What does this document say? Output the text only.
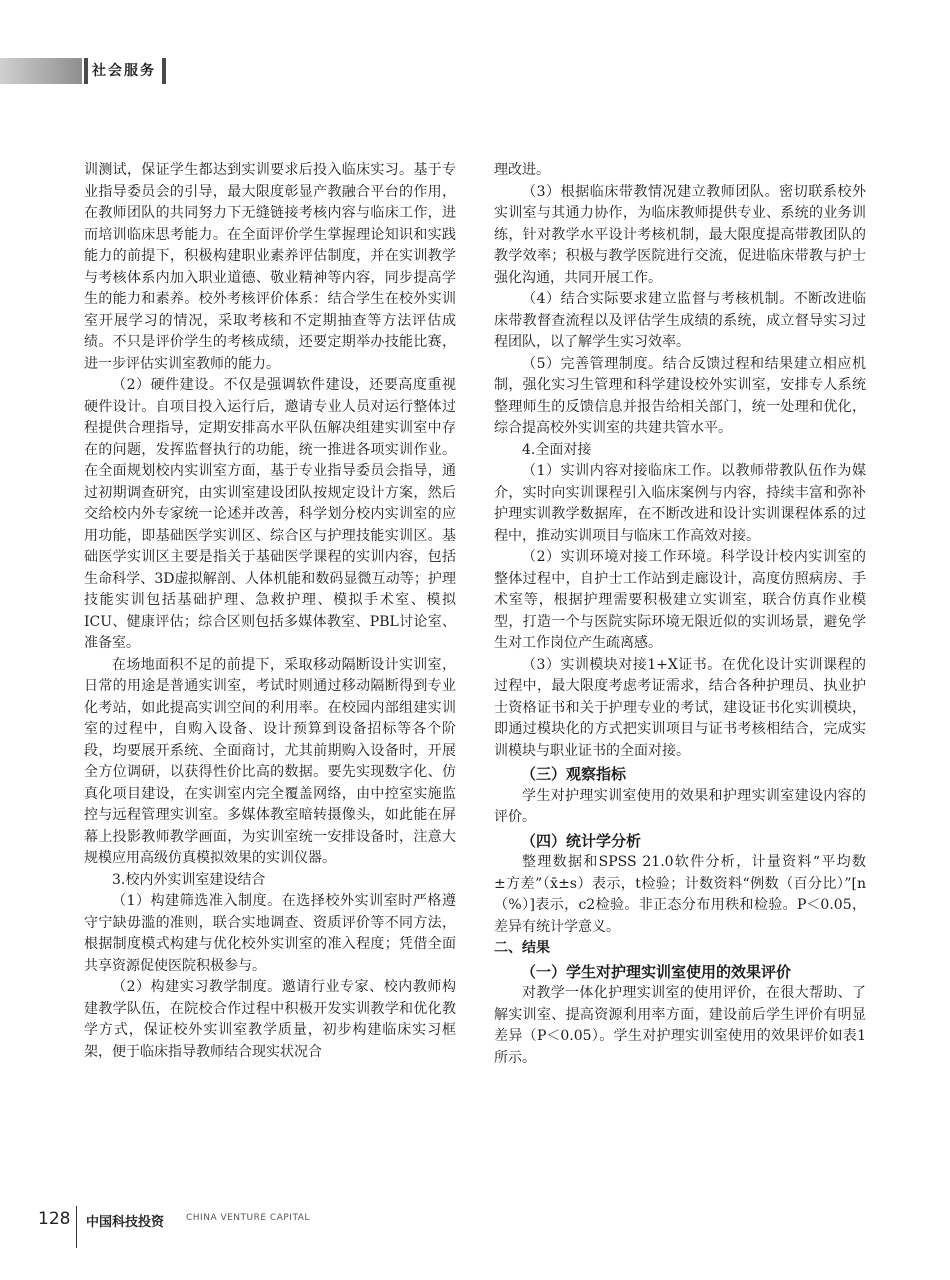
社会服务

训测试，保证学生都达到实训要求后投入临床实习。基于专业指导委员会的引导，最大限度彰显产教融合平台的作用，在教师团队的共同努力下无缝链接考核内容与临床工作，进而培训临床思考能力。在全面评价学生掌握理论知识和实践能力的前提下，积极构建职业素养评估制度，并在实训教学与考核体系内加入职业道德、敬业精神等内容，同步提高学生的能力和素养。校外考核评价体系：结合学生在校外实训室开展学习的情况，采取考核和不定期抽查等方法评估成绩。不只是评价学生的考核成绩，还要定期举办技能比赛，进一步评估实训室教师的能力。

（2）硬件建设。不仅是强调软件建设，还要高度重视硬件设计。自项目投入运行后，邀请专业人员对运行整体过程提供合理指导，定期安排高水平队伍解决组建实训室中存在的问题，发挥监督执行的功能，统一推进各项实训作业。在全面规划校内实训室方面，基于专业指导委员会指导，通过初期调查研究，由实训室建设团队按规定设计方案，然后交给校内外专家统一论述并改善，科学划分校内实训室的应用功能，即基础医学实训区、综合区与护理技能实训区。基础医学实训区主要是指关于基础医学课程的实训内容，包括生命科学、3D虚拟解剖、人体机能和数码显微互动等；护理技能实训包括基础护理、急救护理、模拟手术室、模拟ICU、健康评估；综合区则包括多媒体教室、PBL讨论室、准备室。

在场地面积不足的前提下，采取移动隔断设计实训室，日常的用途是普通实训室，考试时则通过移动隔断得到专业化考站，如此提高实训空间的利用率。在校园内部组建实训室的过程中，自购入设备、设计预算到设备招标等各个阶段，均要展开系统、全面商讨，尤其前期购入设备时，开展全方位调研，以获得性价比高的数据。要先实现数字化、仿真化项目建设，在实训室内完全覆盖网络，由中控室实施监控与远程管理实训室。多媒体教室暗转摄像头，如此能在屏幕上投影教师教学画面，为实训室统一安排设备时，注意大规模应用高级仿真模拟效果的实训仪器。

3.校内外实训室建设结合

（1）构建筛选准入制度。在选择校外实训室时严格遵守宁缺毋滥的准则，联合实地调查、资质评价等不同方法，根据制度模式构建与优化校外实训室的准入程度；凭借全面共享资源促使医院积极参与。

（2）构建实习教学制度。邀请行业专家、校内教师构建教学队伍，在院校合作过程中积极开发实训教学和优化教学方式，保证校外实训室教学质量，初步构建临床实习框架，便于临床指导教师结合现实状况合

理改进。

（3）根据临床带教情况建立教师团队。密切联系校外实训室与其通力协作，为临床教师提供专业、系统的业务训练，针对教学水平设计考核机制，最大限度提高带教团队的教学效率；积极与教学医院进行交流，促进临床带教与护士强化沟通，共同开展工作。

（4）结合实际要求建立监督与考核机制。不断改进临床带教督查流程以及评估学生成绩的系统，成立督导实习过程团队，以了解学生实习效率。

（5）完善管理制度。结合反馈过程和结果建立相应机制，强化实习生管理和科学建设校外实训室，安排专人系统整理师生的反馈信息并报告给相关部门，统一处理和优化，综合提高校外实训室的共建共管水平。

4.全面对接

（1）实训内容对接临床工作。以教师带教队伍作为媒介，实时向实训课程引入临床案例与内容，持续丰富和弥补护理实训教学数据库，在不断改进和设计实训课程体系的过程中，推动实训项目与临床工作高效对接。

（2）实训环境对接工作环境。科学设计校内实训室的整体过程中，自护士工作站到走廊设计，高度仿照病房、手术室等，根据护理需要积极建立实训室，联合仿真作业模型，打造一个与医院实际环境无限近似的实训场景，避免学生对工作岗位产生疏离感。

（3）实训模块对接1+X证书。在优化设计实训课程的过程中，最大限度考虑考证需求，结合各种护理员、执业护士资格证书和关于护理专业的考试，建设证书化实训模块，即通过模块化的方式把实训项目与证书考核相结合，完成实训模块与职业证书的全面对接。

（三）观察指标

学生对护理实训室使用的效果和护理实训室建设内容的评价。

（四）统计学分析

整理数据和SPSS 21.0软件分析，计量资料“平均数±方差”（x̄±s）表示，t检验；计数资料“例数（百分比）”[n（%）]表示，c2检验。非正态分布用秩和检验。P＜0.05，差异有统计学意义。

二、结果

（一）学生对护理实训室使用的效果评价

对教学一体化护理实训室的使用评价，在很大帮助、了解实训室、提高资源利用率方面，建设前后学生评价有明显差异（P＜0.05）。学生对护理实训室使用的效果评价如表1所示。

128 中国科技投资 CHINA VENTURE CAPITAL
